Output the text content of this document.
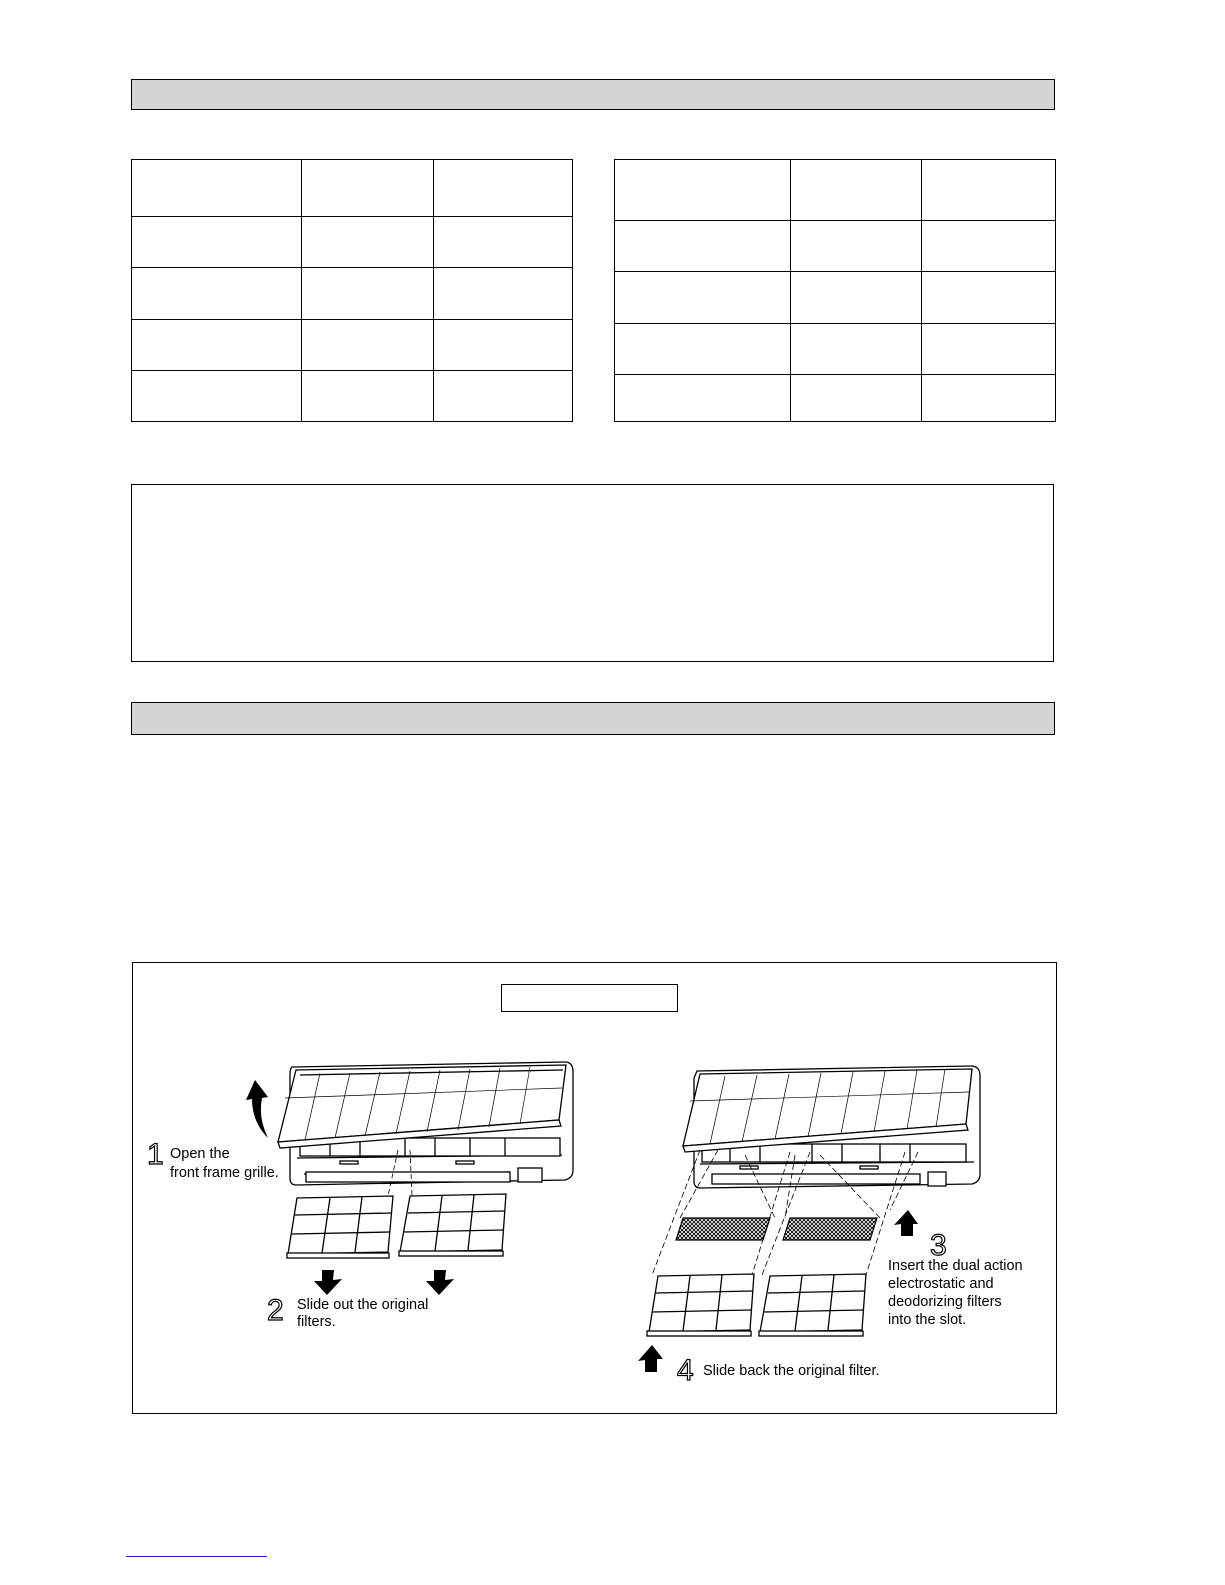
1 Open the
front frame grille.
2 Slide out the original
filters.
3
Insert the dual action
electrostatic and
deodorizing filters
into the slot.
4 Slide back the original filter.
